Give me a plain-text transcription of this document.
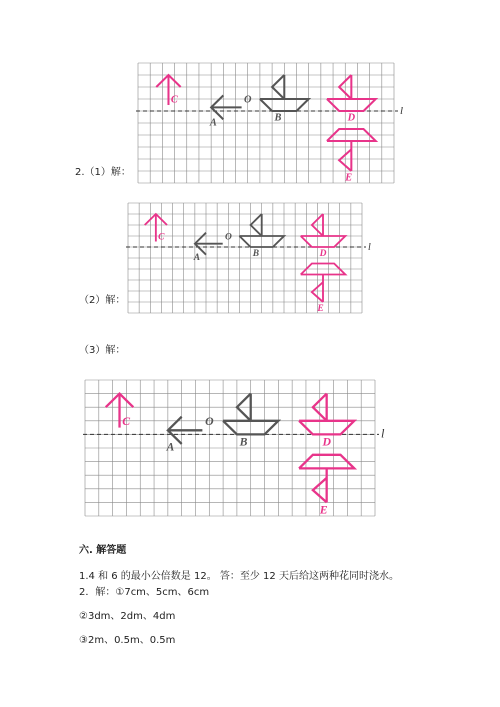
2.（1）解：
（2）解：
（3）解：
l
C
A
O
B	D
E
l
C
A
O
B	D
E
l
C
A
O
B	D
E
六. 解答题
1.4 和 6 的最小公倍数是 12。 答：至少 12 天后给这两种花同时浇水。
2．解：①7cm、5cm、6cm
②3dm、2dm、4dm
③2m、0.5m、0.5m
